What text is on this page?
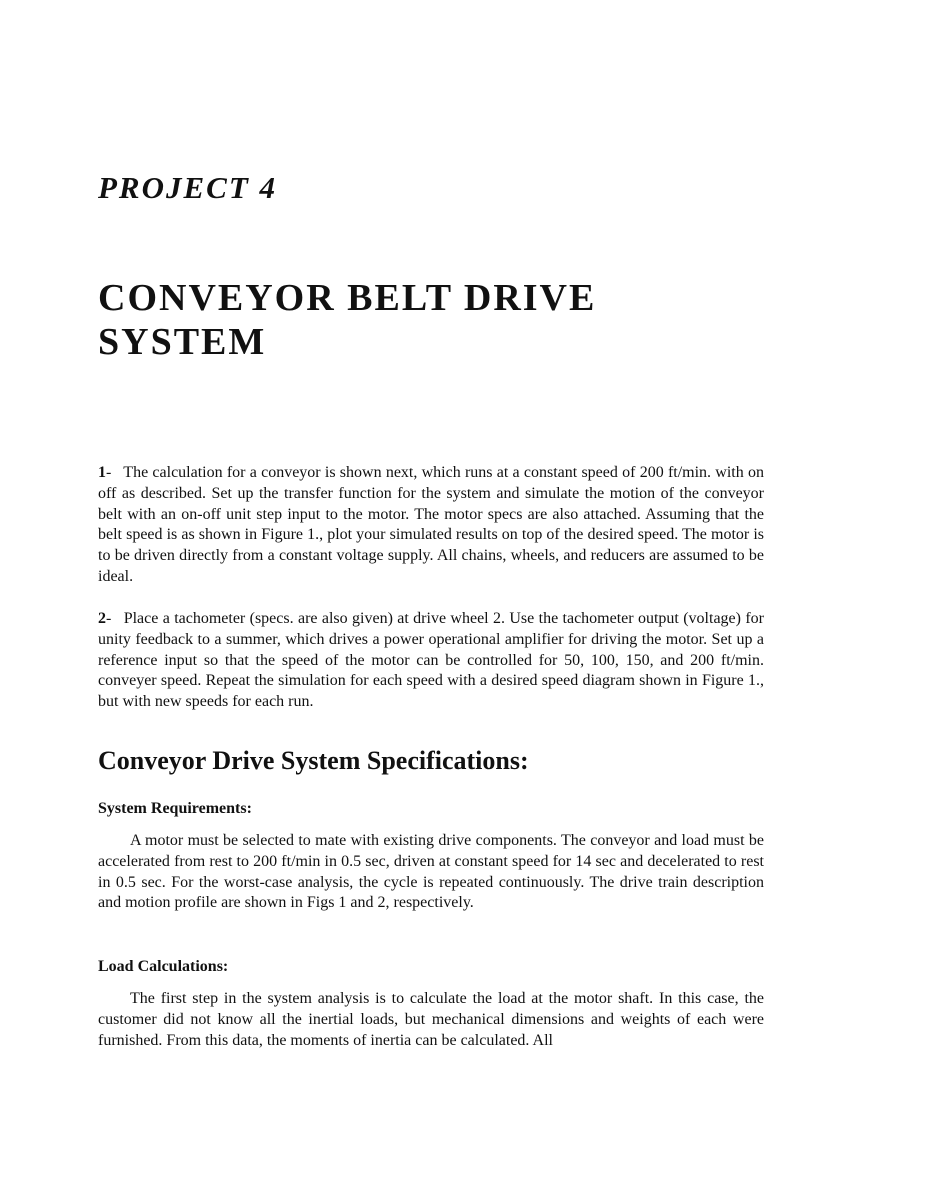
PROJECT 4
CONVEYOR BELT DRIVE
SYSTEM

1- The calculation for a conveyor is shown next, which runs at a constant speed of 200 ft/min. with on off as described. Set up the transfer function for the system and simulate the motion of the conveyor belt with an on-off unit step input to the motor. The motor specs are also attached. Assuming that the belt speed is as shown in Figure 1., plot your simulated results on top of the desired speed. The motor is to be driven directly from a constant voltage supply. All chains, wheels, and reducers are assumed to be ideal.

2- Place a tachometer (specs. are also given) at drive wheel 2. Use the tachometer output (voltage) for unity feedback to a summer, which drives a power operational amplifier for driving the motor. Set up a reference input so that the speed of the motor can be controlled for 50, 100, 150, and 200 ft/min. conveyer speed. Repeat the simulation for each speed with a desired speed diagram shown in Figure 1., but with new speeds for each run.

Conveyor Drive System Specifications:
System Requirements:

A motor must be selected to mate with existing drive components. The conveyor and load must be accelerated from rest to 200 ft/min in 0.5 sec, driven at constant speed for 14 sec and decelerated to rest in 0.5 sec. For the worst-case analysis, the cycle is repeated continuously. The drive train description and motion profile are shown in Figs 1 and 2, respectively.

Load Calculations:

The first step in the system analysis is to calculate the load at the motor shaft. In this case, the customer did not know all the inertial loads, but mechanical dimensions and weights of each were furnished. From this data, the moments of inertia can be calculated. All
